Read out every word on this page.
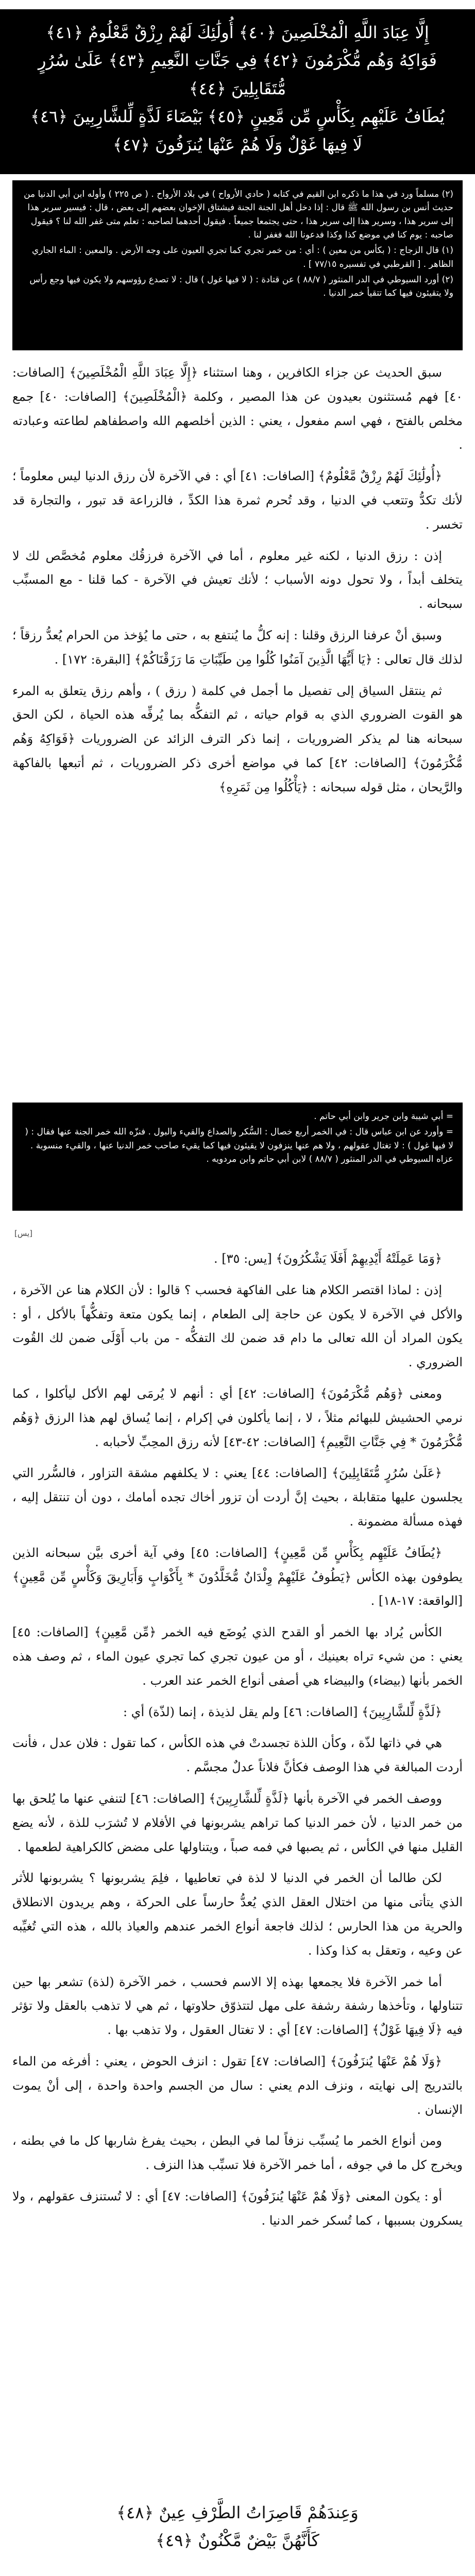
إِلَّا عِبَادَ اللَّهِ الْمُخْلَصِينَ ﴿٤٠﴾ أُولَٰئِكَ لَهُمْ رِزْقٌ مَّعْلُومٌ ﴿٤١﴾
فَوَاكِهُ وَهُم مُّكْرَمُونَ ﴿٤٢﴾ فِي جَنَّاتِ النَّعِيمِ ﴿٤٣﴾ عَلَىٰ سُرُرٍ مُّتَقَابِلِينَ ﴿٤٤﴾
يُطَافُ عَلَيْهِم بِكَأْسٍ مِّن مَّعِينٍ ﴿٤٥﴾ بَيْضَاءَ لَذَّةٍ لِّلشَّارِبِينَ ﴿٤٦﴾
لَا فِيهَا غَوْلٌ وَلَا هُمْ عَنْهَا يُنزَفُونَ ﴿٤٧﴾

(٢) مسلماً ورد في هذا ما ذكره ابن القيم في كتابه ( حادي الأرواح ) في بلاد الأرواح . ( ص ٢٢٥ ) وأوله ابن أبي الدنيا من حديث أنس بن رسول الله ﷺ قال : إذا دخل أهل الجنة الجنة فيشتاق الإخوان بعضهم إلى بعض ، قال : فيسير سرير هذا إلى سرير هذا ، وسرير هذا إلى سرير هذا ، حتى يجتمعا جميعاً . فيقول أحدهما لصاحبه : تعلم متى غفر الله لنا ؟ فيقول صاحبه : يوم كنا في موضع كذا وكذا فدعونا الله فغفر لنا .

(١) قال الزجاج : ( بكأس من معين ) : أي : من خمر تجري كما تجري العيون على وجه الأرض . والمعين : الماء الجاري الظاهر . [ القرطبي في تفسيره ٧٧/١٥ ] .

(٢) أورد السيوطي في الدر المنثور ( ٨٨/٧ ) عن قتادة : ( لا فيها غول ) قال : لا تصدع رؤوسهم ولا يكون فيها وجع رأس ولا يتقيئون فيها كما تتقيأ خمر الدنيا .

سبق الحديث عن جزاء الكافرين ، وهنا استثناء ﴿إِلَّا عِبَادَ اللَّهِ الْمُخْلَصِينَ﴾ [الصافات: ٤٠] فهم مُستثنون بعيدون عن هذا المصير ، وكلمة ﴿الْمُخْلَصِينَ﴾ [الصافات: ٤٠] جمع مخلص بالفتح ، فهي اسم مفعول ، يعني : الذين أخلصهم الله واصطفاهم لطاعته وعبادته .

﴿أُولَٰئِكَ لَهُمْ رِزْقٌ مَّعْلُومٌ﴾ [الصافات: ٤١] أي : في الآخرة لأن رزق الدنيا ليس معلوماً ؛ لأنك تكدُّ وتتعب في الدنيا ، وقد تُحرم ثمرة هذا الكدِّ ، فالزراعة قد تبور ، والتجارة قد تخسر .

إذن : رزق الدنيا ، لكنه غير معلوم ، أما في الآخرة فرزقُك معلوم مُخصَّص لك لا يتخلف أبداً ، ولا تحول دونه الأسباب ؛ لأنك تعيش في الآخرة - كما قلنا - مع المسبِّب سبحانه .

وسبق أنْ عرفنا الرزق وقلنا : إنه كلُّ ما يُنتفع به ، حتى ما يُؤخذ من الحرام يُعدُّ رزقاً ؛ لذلك قال تعالى : ﴿يَا أَيُّهَا الَّذِينَ آمَنُوا كُلُوا مِن طَيِّبَاتِ مَا رَزَقْنَاكُمْ﴾ [البقرة: ١٧٢] .

ثم ينتقل السياق إلى تفصيل ما أجمل في كلمة ( رزق ) ، وأهم رزق يتعلق به المرء هو القوت الضروري الذي به قوام حياته ، ثم التفكُّه بما يُرفِّه هذه الحياة ، لكن الحق سبحانه هنا لم يذكر الضروريات ، إنما ذكر الترف الزائد عن الضروريات ﴿فَوَاكِهُ وَهُم مُّكْرَمُونَ﴾ [الصافات: ٤٢] كما في مواضع أخرى ذكر الضروريات ، ثم أتبعها بالفاكهة والرَّيحان ، مثل قوله سبحانه : ﴿يَأْكُلُوا مِن ثَمَرِهِ﴾

= أبي شيبة وابن جرير وابن أبي حاتم .

= وأورد عن ابن عباس قال : في الخمر أربع خصال : السُّكر والصداع والقيء والبول . فنزّه الله خمر الجنة عنها فقال : ( لا فيها غول ) : لا تغتال عقولهم ، ولا هم عنها ينزفون لا يقيئون فيها كما يقيء صاحب خمر الدنيا عنها ، والقيء منسوبة . عزاه السيوطي في الدر المنثور ( ٨٨/٧ ) لابن أبي حاتم وابن مردويه .

[يس]

﴿وَمَا عَمِلَتْهُ أَيْدِيهِمْ أَفَلَا يَشْكُرُونَ﴾ [يس: ٣٥] .

إذن : لماذا اقتصر الكلام هنا على الفاكهة فحسب ؟ قالوا : لأن الكلام هنا عن الآخرة ، والأكل في الآخرة لا يكون عن حاجة إلى الطعام ، إنما يكون متعة وتفكُّهاً بالأكل ، أو : يكون المراد أن الله تعالى ما دام قد ضمن لك التفكُّه - من باب أَوْلَى ضمن لك القُوت الضروري .

ومعنى ﴿وَهُم مُّكْرَمُونَ﴾ [الصافات: ٤٢] أي : أنهم لا يُرمَى لهم الأكل ليأكلوا ، كما نرمي الحشيش للبهائم مثلاً ، لا ، إنما يأكلون في إكرام ، إنما يُساق لهم هذا الرزق ﴿وَهُم مُّكْرَمُونَ * فِي جَنَّاتِ النَّعِيمِ﴾ [الصافات: ٤٢-٤٣] لأنه رزق المحِبِّ لأحبابه .

﴿عَلَىٰ سُرُرٍ مُّتَقَابِلِينَ﴾ [الصافات: ٤٤] يعني : لا يكلفهم مشقة التزاور ، فالسُّرر التي يجلسون عليها متقابلة ، بحيث إنَّ أردت أن تزور أخاك تجده أمامك ، دون أن تنتقل إليه ، فهذه مسألة مضمونة .

﴿يُطَافُ عَلَيْهِم بِكَأْسٍ مِّن مَّعِينٍ﴾ [الصافات: ٤٥] وفي آية أخرى بيَّن سبحانه الذين يطوفون بهذه الكأس ﴿يَطُوفُ عَلَيْهِمْ وِلْدَانٌ مُّخَلَّدُونَ * بِأَكْوَابٍ وَأَبَارِيقَ وَكَأْسٍ مِّن مَّعِينٍ﴾ [الواقعة: ١٧-١٨] .

الكأس يُراد بها الخمر أو القدح الذي يُوضَع فيه الخمر ﴿مِّن مَّعِينٍ﴾ [الصافات: ٤٥] يعني : من شيء تراه بعينيك ، أو من عيون تجري كما تجري عيون الماء ، ثم وصف هذه الخمر بأنها (بيضاء) والبيضاء هي أصفى أنواع الخمر عند العرب .

﴿لَذَّةٍ لِّلشَّارِبِينَ﴾ [الصافات: ٤٦] ولم يقل لذيذة ، إنما (لذّة) أي :

هي في ذاتها لذّة ، وكأن اللذة تجسدتْ في هذه الكأس ، كما تقول : فلان عدل ، فأنت أردت المبالغة في هذا الوصف فكأنَّ فلاناً عدلٌ مجسَّم .

ووصف الخمر في الآخرة بأنها ﴿لَذَّةٍ لِّلشَّارِبِينَ﴾ [الصافات: ٤٦] لتنفي عنها ما يُلحق بها من خمر الدنيا ، لأن خمر الدنيا كما تراهم يشربونها في الأفلام لا تُشرَب للذة ، لأنه يضع القليل منها في الكأس ، ثم يصبها في فمه صباً ، ويتناولها على مضض كالكراهية لطعمها .

لكن طالما أن الخمر في الدنيا لا لذة في تعاطيها ، فلِمَ يشربونها ؟ يشربونها للأثر الذي يتأتى منها من اختلال العقل الذي يُعدُّ حارساً على الحركة ، وهم يريدون الانطلاق والحرية من هذا الحارس ؛ لذلك فاجعة أنواع الخمر عندهم والعياذ بالله ، هذه التي تُغيِّبه عن وعيه ، وتعقل به كذا وكذا .

أما خمر الآخرة فلا يجمعها بهذه إلا الاسم فحسب ، خمر الآخرة (لذة) تشعر بها حين تتناولها ، وتأخذها رشفة رشفة على مهل لتتذوّق حلاوتها ، ثم هي لا تذهب بالعقل ولا تؤثر فيه ﴿لَا فِيهَا غَوْلٌ﴾ [الصافات: ٤٧] أي : لا تغتال العقول ، ولا تذهب بها .

﴿وَلَا هُمْ عَنْهَا يُنزَفُونَ﴾ [الصافات: ٤٧] تقول : انزف الحوض ، يعني : أفرغه من الماء بالتدريج إلى نهايته ، ونزف الدم يعني : سال من الجسم واحدة واحدة ، إلى أنْ يموت الإنسان .

ومن أنواع الخمر ما يُسبِّب نزفاً لما في البطن ، بحيث يفرغ شاربها كل ما في بطنه ، ويخرج كل ما في جوفه ، أما خمر الآخرة فلا تسبِّب هذا النزف .

أو : يكون المعنى ﴿وَلَا هُمْ عَنْهَا يُنزَفُونَ﴾ [الصافات: ٤٧] أي : لا تُستنزف عقولهم ، ولا يسكرون بسببها ، كما تُسكر خمر الدنيا .

وَعِندَهُمْ قَاصِرَاتُ الطَّرْفِ عِينٌ ﴿٤٨﴾
كَأَنَّهُنَّ بَيْضٌ مَّكْنُونٌ ﴿٤٩﴾
